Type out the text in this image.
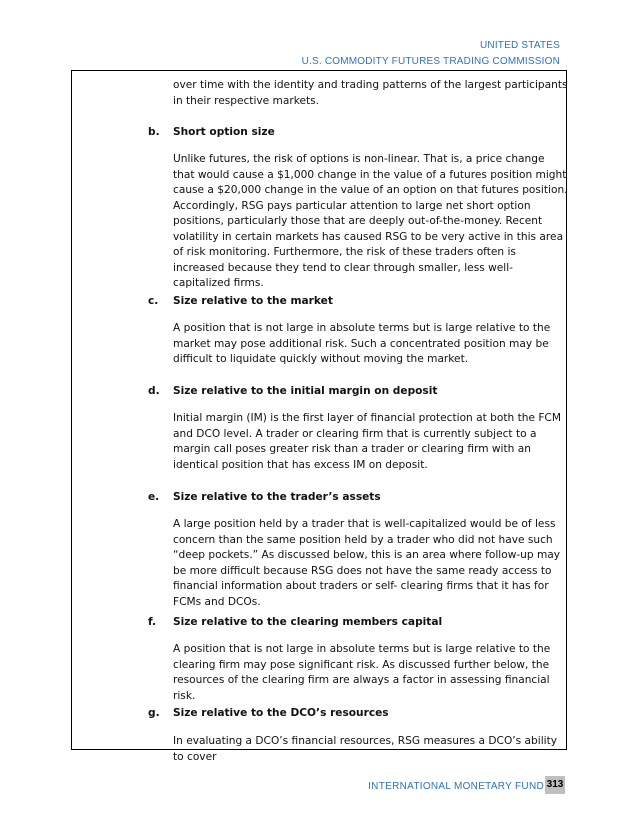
UNITED STATES
U.S. COMMODITY FUTURES TRADING COMMISSION
over time with the identity and trading patterns of the largest participants in their respective markets.
b. Short option size
Unlike futures, the risk of options is non-linear. That is, a price change that would cause a $1,000 change in the value of a futures position might cause a $20,000 change in the value of an option on that futures position. Accordingly, RSG pays particular attention to large net short option positions, particularly those that are deeply out-of-the-money. Recent volatility in certain markets has caused RSG to be very active in this area of risk monitoring. Furthermore, the risk of these traders often is increased because they tend to clear through smaller, less well-capitalized firms.
c. Size relative to the market
A position that is not large in absolute terms but is large relative to the market may pose additional risk. Such a concentrated position may be difficult to liquidate quickly without moving the market.
d. Size relative to the initial margin on deposit
Initial margin (IM) is the first layer of financial protection at both the FCM and DCO level. A trader or clearing firm that is currently subject to a margin call poses greater risk than a trader or clearing firm with an identical position that has excess IM on deposit.
e. Size relative to the trader’s assets
A large position held by a trader that is well-capitalized would be of less concern than the same position held by a trader who did not have such “deep pockets.” As discussed below, this is an area where follow-up may be more difficult because RSG does not have the same ready access to financial information about traders or self- clearing firms that it has for FCMs and DCOs.
f. Size relative to the clearing members capital
A position that is not large in absolute terms but is large relative to the clearing firm may pose significant risk. As discussed further below, the resources of the clearing firm are always a factor in assessing financial risk.
g. Size relative to the DCO’s resources
In evaluating a DCO’s financial resources, RSG measures a DCO’s ability to cover
INTERNATIONAL MONETARY FUND 313
